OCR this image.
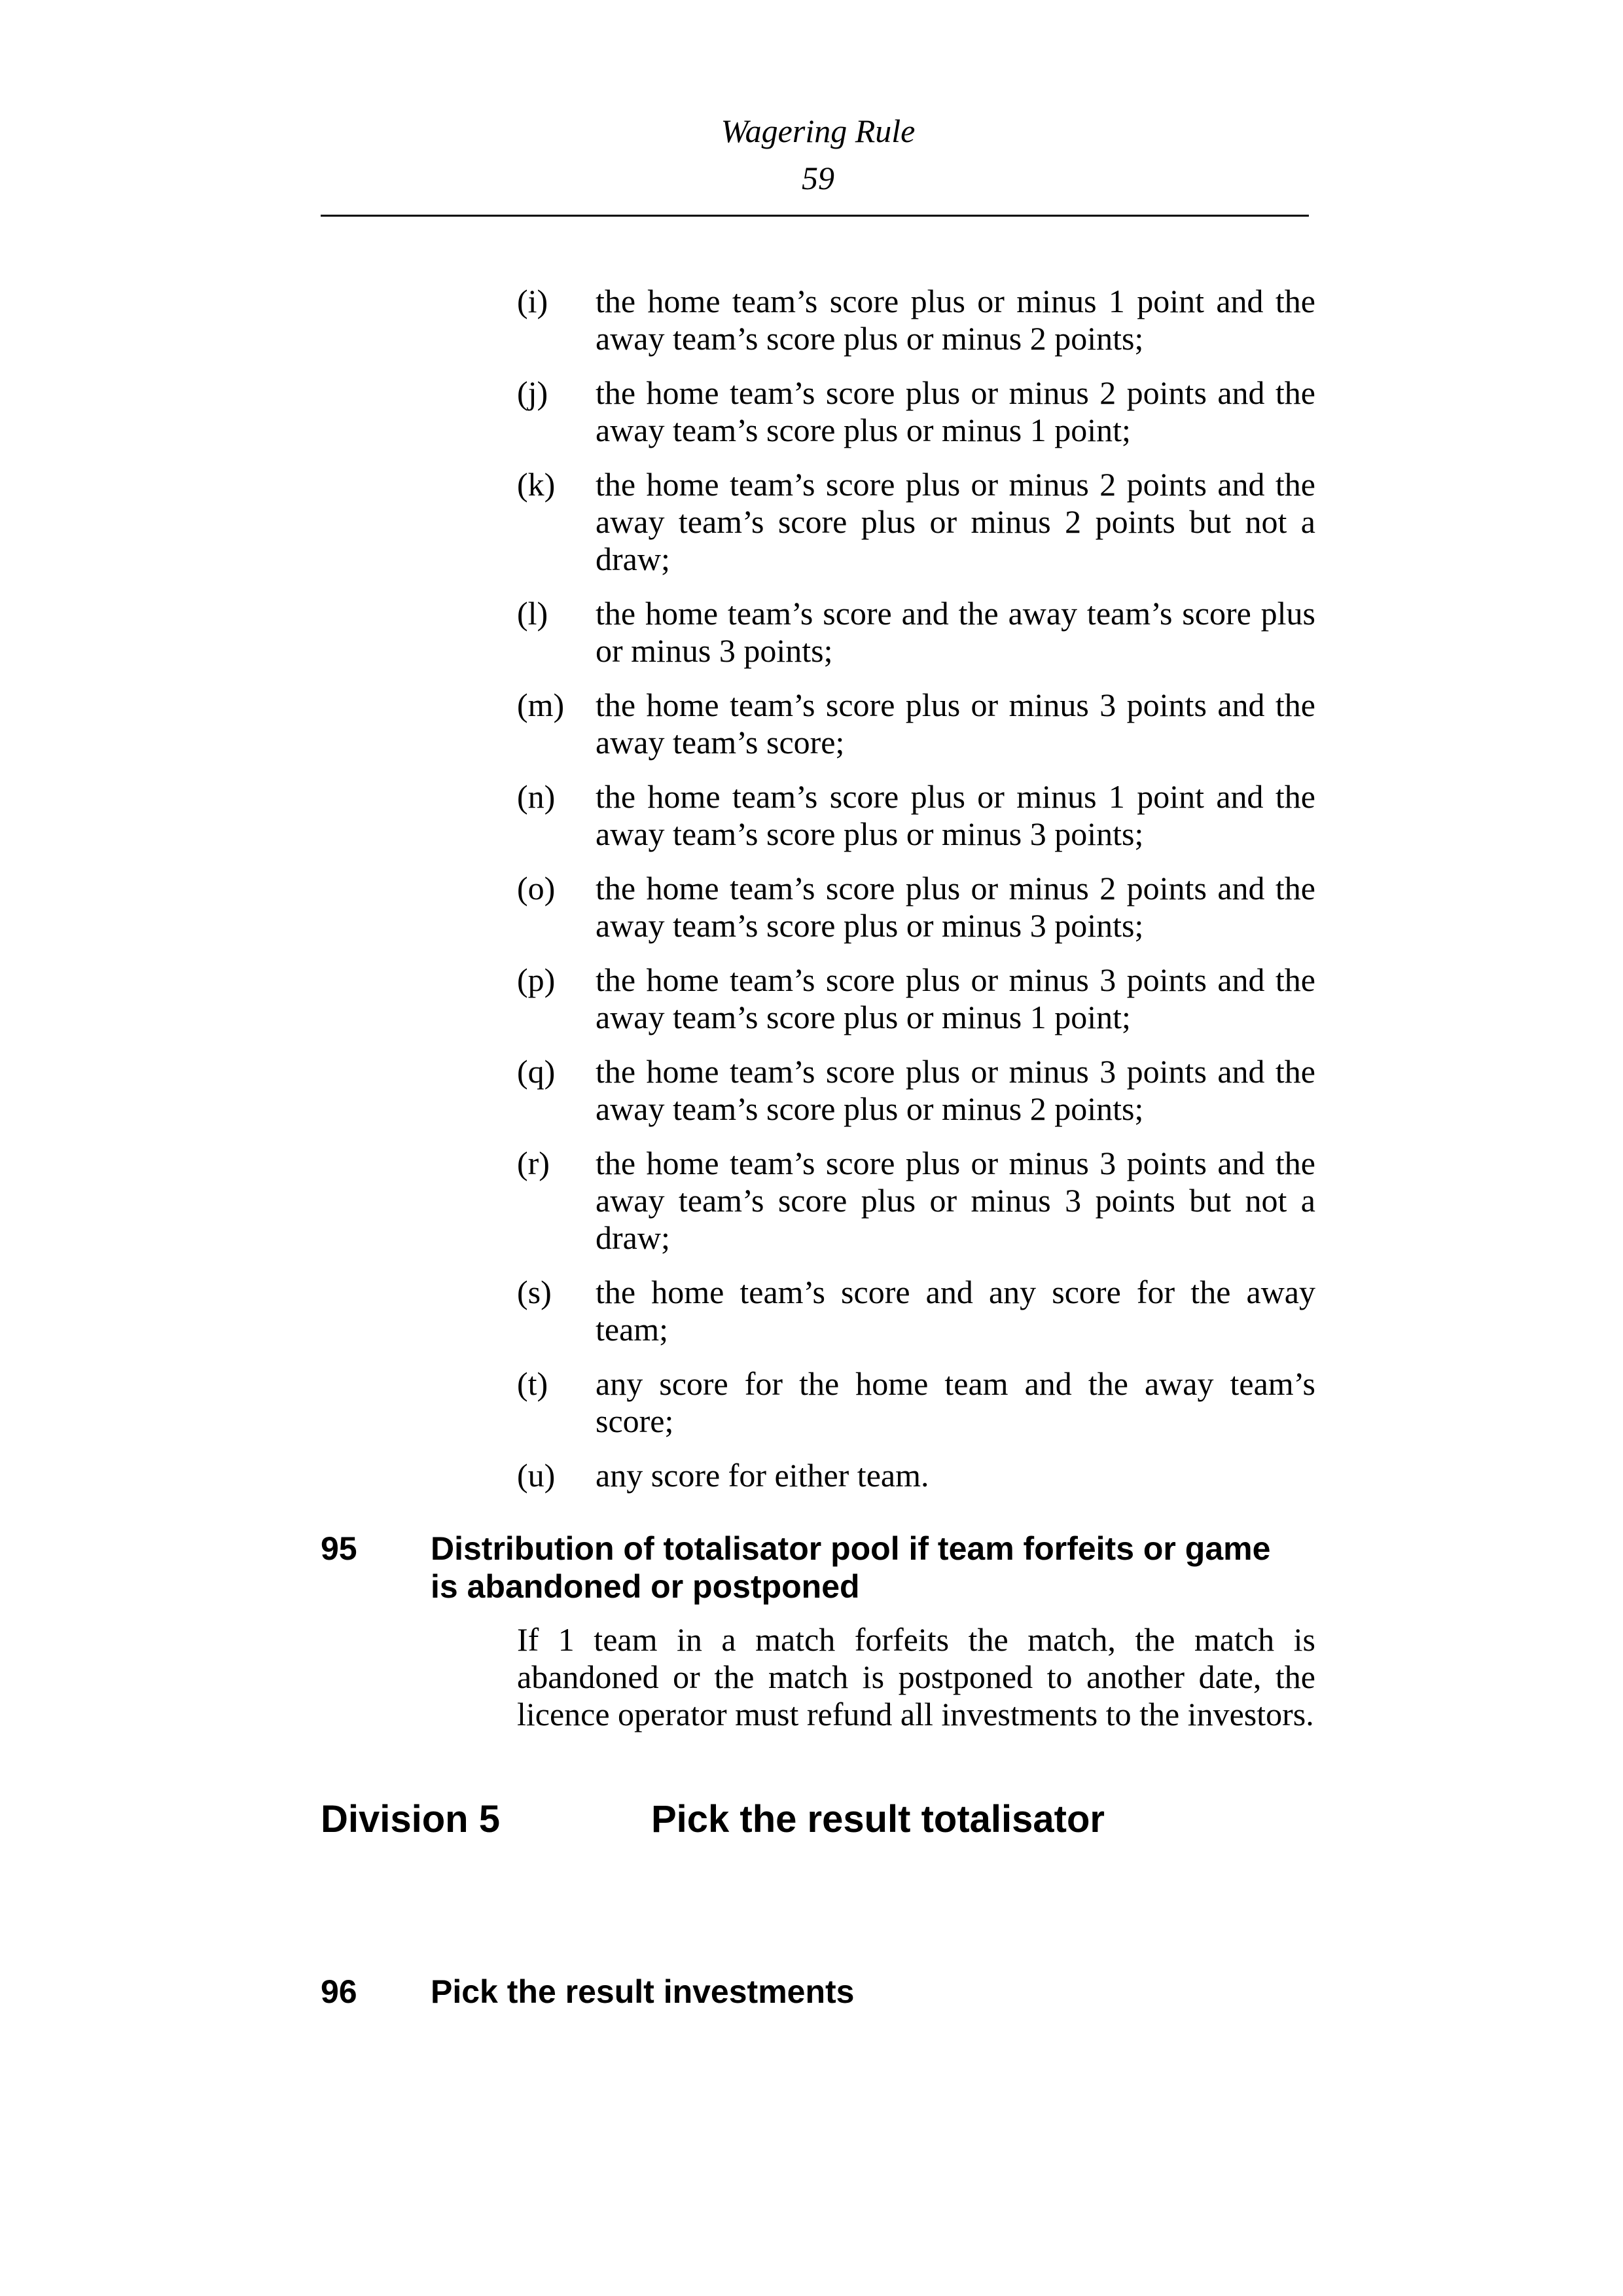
Wagering Rule
59
(i)	the home team’s score plus or minus 1 point and the away team’s score plus or minus 2 points;
(j)	the home team’s score plus or minus 2 points and the away team’s score plus or minus 1 point;
(k)	the home team’s score plus or minus 2 points and the away team’s score plus or minus 2 points but not a draw;
(l)	the home team’s score and the away team’s score plus or minus 3 points;
(m) the home team’s score plus or minus 3 points and the away team’s score;
(n)	the home team’s score plus or minus 1 point and the away team’s score plus or minus 3 points;
(o)	the home team’s score plus or minus 2 points and the away team’s score plus or minus 3 points;
(p)	the home team’s score plus or minus 3 points and the away team’s score plus or minus 1 point;
(q)	the home team’s score plus or minus 3 points and the away team’s score plus or minus 2 points;
(r)	the home team’s score plus or minus 3 points and the away team’s score plus or minus 3 points but not a draw;
(s)	the home team’s score and any score for the away team;
(t)	any score for the home team and the away team’s score;
(u)	any score for either team.
95	Distribution of totalisator pool if team forfeits or game is abandoned or postponed

If 1 team in a match forfeits the match, the match is abandoned or the match is postponed to another date, the licence operator must refund all investments to the investors.

Division 5	Pick the result totalisator
96	Pick the result investments
